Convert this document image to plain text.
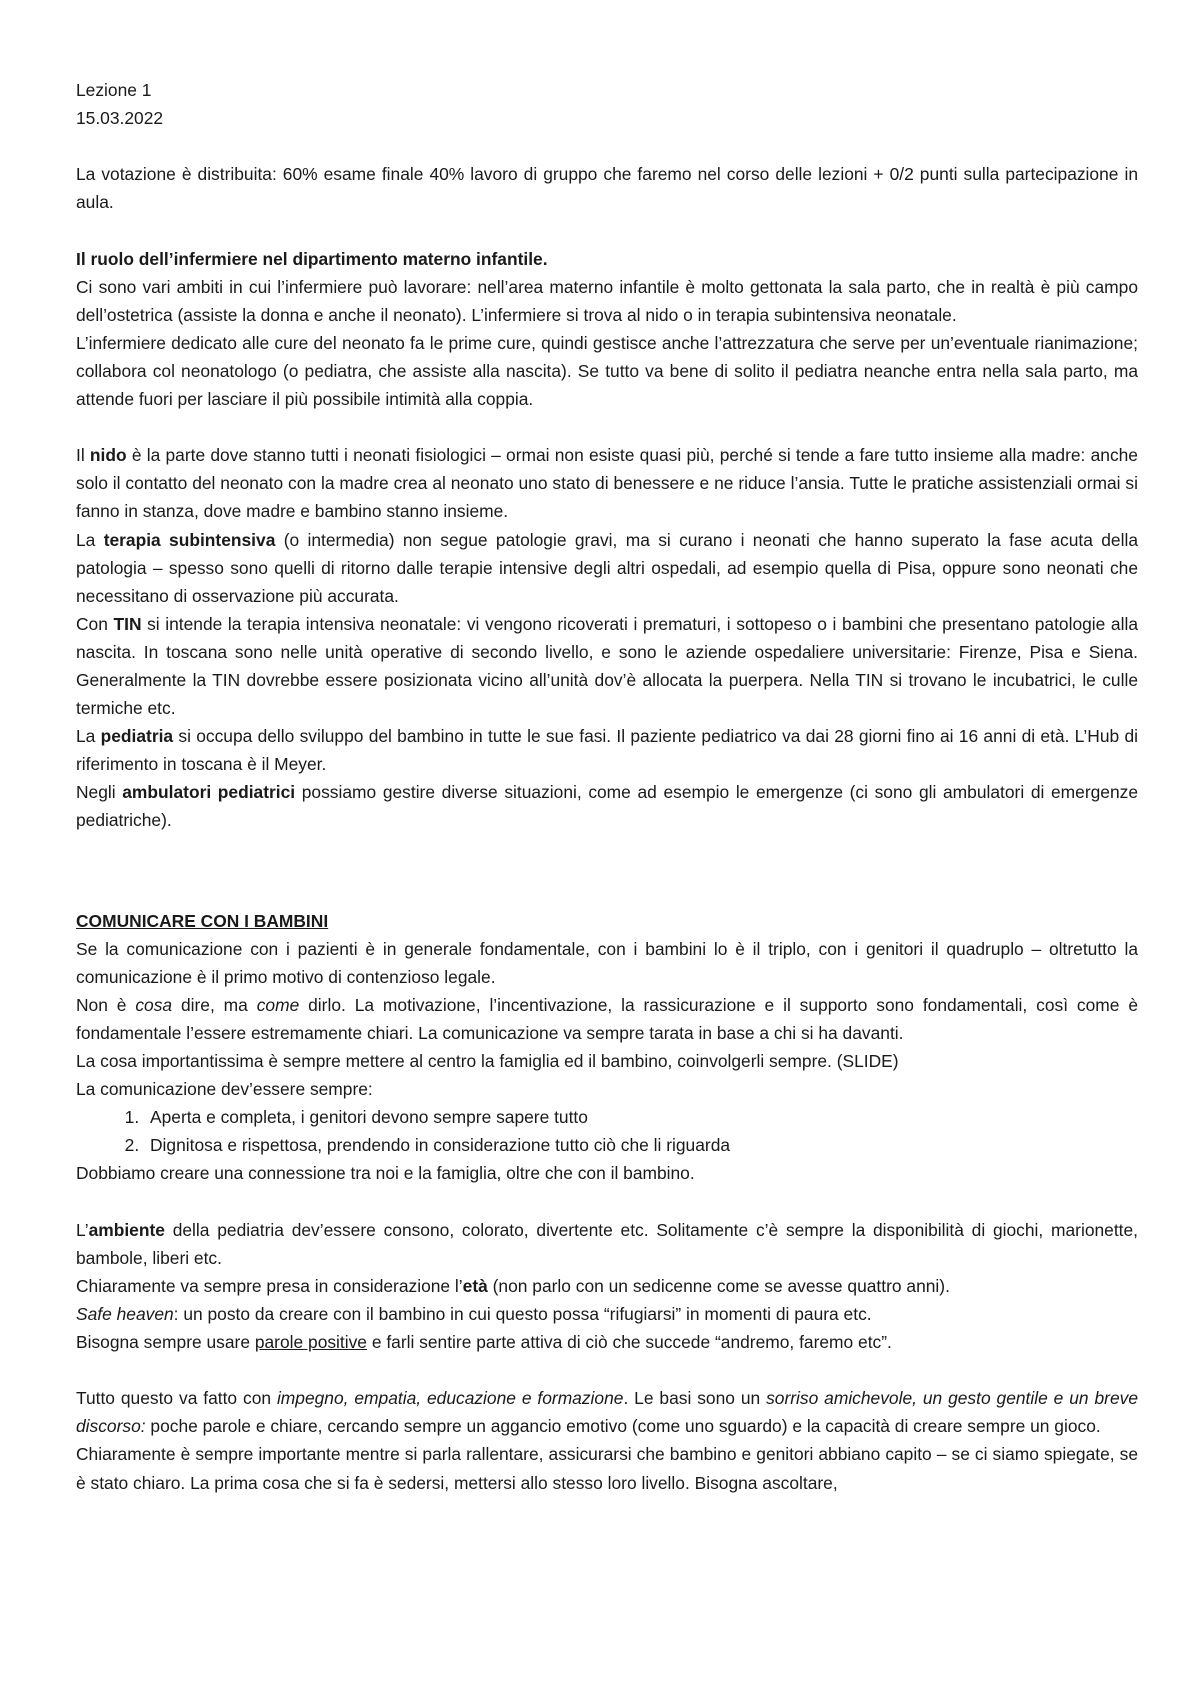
Lezione 1

15.03.2022

La votazione è distribuita: 60% esame finale 40% lavoro di gruppo che faremo nel corso delle lezioni + 0/2 punti sulla partecipazione in aula.

Il ruolo dell’infermiere nel dipartimento materno infantile.

Ci sono vari ambiti in cui l’infermiere può lavorare: nell’area materno infantile è molto gettonata la sala parto, che in realtà è più campo dell’ostetrica (assiste la donna e anche il neonato). L’infermiere si trova al nido o in terapia subintensiva neonatale.

L’infermiere dedicato alle cure del neonato fa le prime cure, quindi gestisce anche l’attrezzatura che serve per un’eventuale rianimazione; collabora col neonatologo (o pediatra, che assiste alla nascita). Se tutto va bene di solito il pediatra neanche entra nella sala parto, ma attende fuori per lasciare il più possibile intimità alla coppia.

Il nido è la parte dove stanno tutti i neonati fisiologici – ormai non esiste quasi più, perché si tende a fare tutto insieme alla madre: anche solo il contatto del neonato con la madre crea al neonato uno stato di benessere e ne riduce l’ansia. Tutte le pratiche assistenziali ormai si fanno in stanza, dove madre e bambino stanno insieme.

La terapia subintensiva (o intermedia) non segue patologie gravi, ma si curano i neonati che hanno superato la fase acuta della patologia – spesso sono quelli di ritorno dalle terapie intensive degli altri ospedali, ad esempio quella di Pisa, oppure sono neonati che necessitano di osservazione più accurata.

Con TIN si intende la terapia intensiva neonatale: vi vengono ricoverati i prematuri, i sottopeso o i bambini che presentano patologie alla nascita. In toscana sono nelle unità operative di secondo livello, e sono le aziende ospedaliere universitarie: Firenze, Pisa e Siena. Generalmente la TIN dovrebbe essere posizionata vicino all’unità dov’è allocata la puerpera. Nella TIN si trovano le incubatrici, le culle termiche etc.

La pediatria si occupa dello sviluppo del bambino in tutte le sue fasi. Il paziente pediatrico va dai 28 giorni fino ai 16 anni di età. L’Hub di riferimento in toscana è il Meyer.

Negli ambulatori pediatrici possiamo gestire diverse situazioni, come ad esempio le emergenze (ci sono gli ambulatori di emergenze pediatriche).

COMUNICARE CON I BAMBINI

Se la comunicazione con i pazienti è in generale fondamentale, con i bambini lo è il triplo, con i genitori il quadruplo – oltretutto la comunicazione è il primo motivo di contenzioso legale.

Non è cosa dire, ma come dirlo. La motivazione, l’incentivazione, la rassicurazione e il supporto sono fondamentali, così come è fondamentale l’essere estremamente chiari. La comunicazione va sempre tarata in base a chi si ha davanti.

La cosa importantissima è sempre mettere al centro la famiglia ed il bambino, coinvolgerli sempre. (SLIDE)

La comunicazione dev’essere sempre:

1. Aperta e completa, i genitori devono sempre sapere tutto
2. Dignitosa e rispettosa, prendendo in considerazione tutto ciò che li riguarda

Dobbiamo creare una connessione tra noi e la famiglia, oltre che con il bambino.

L’ambiente della pediatria dev’essere consono, colorato, divertente etc. Solitamente c’è sempre la disponibilità di giochi, marionette, bambole, liberi etc.

Chiaramente va sempre presa in considerazione l’età (non parlo con un sedicenne come se avesse quattro anni).

Safe heaven: un posto da creare con il bambino in cui questo possa “rifugiarsi” in momenti di paura etc.

Bisogna sempre usare parole positive e farli sentire parte attiva di ciò che succede “andremo, faremo etc”.

Tutto questo va fatto con impegno, empatia, educazione e formazione. Le basi sono un sorriso amichevole, un gesto gentile e un breve discorso: poche parole e chiare, cercando sempre un aggancio emotivo (come uno sguardo) e la capacità di creare sempre un gioco.

Chiaramente è sempre importante mentre si parla rallentare, assicurarsi che bambino e genitori abbiano capito – se ci siamo spiegate, se è stato chiaro. La prima cosa che si fa è sedersi, mettersi allo stesso loro livello. Bisogna ascoltare,
